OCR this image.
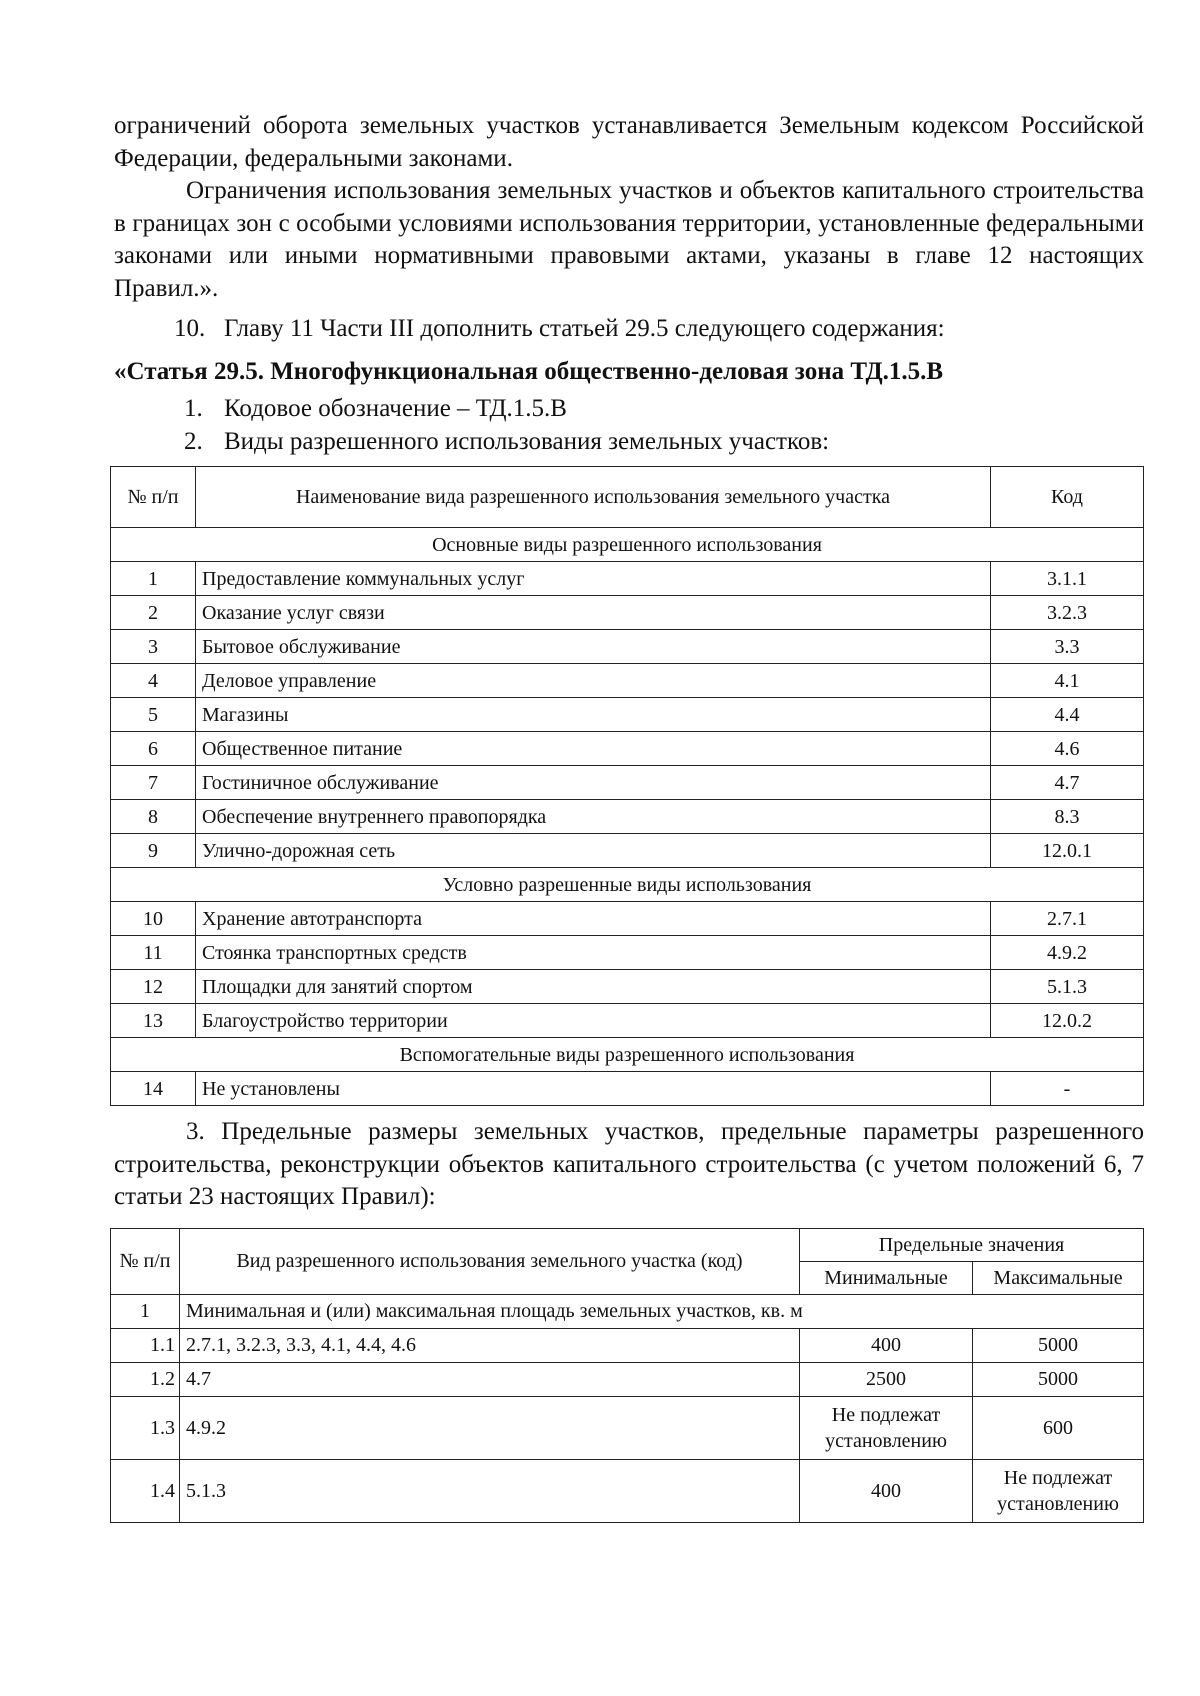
ограничений оборота земельных участков устанавливается Земельным кодексом Российской Федерации, федеральными законами.

Ограничения использования земельных участков и объектов капитального строительства в границах зон с особыми условиями использования территории, установленные федеральными законами или иными нормативными правовыми актами, указаны в главе 12 настоящих Правил.».

10. Главу 11 Части III дополнить статьей 29.5 следующего содержания:
«Статья 29.5. Многофункциональная общественно-деловая зона ТД.1.5.В
1. Кодовое обозначение – ТД.1.5.В
2. Виды разрешенного использования земельных участков:
№ п/п	Наименование вида разрешенного использования земельного участка	Код
Основные виды разрешенного использования		
1	Предоставление коммунальных услуг	3.1.1
2	Оказание услуг связи	3.2.3
3	Бытовое обслуживание	3.3
4	Деловое управление	4.1
5	Магазины	4.4
6	Общественное питание	4.6
7	Гостиничное обслуживание	4.7
8	Обеспечение внутреннего правопорядка	8.3
9	Улично-дорожная сеть	12.0.1
Условно разрешенные виды использования		
10	Хранение автотранспорта	2.7.1
11	Стоянка транспортных средств	4.9.2
12	Площадки для занятий спортом	5.1.3
13	Благоустройство территории	12.0.2
Вспомогательные виды разрешенного использования		
14	Не установлены	-

3. Предельные размеры земельных участков, предельные параметры разрешенного строительства, реконструкции объектов капитального строительства (с учетом положений 6, 7 статьи 23 настоящих Правил):

№ п/п	Вид разрешенного использования земельного участка (код)	Предельные значения	
		Минимальные	Максимальные
1	Минимальная и (или) максимальная площадь земельных участков, кв. м		
1.1	2.7.1, 3.2.3, 3.3, 4.1, 4.4, 4.6	400	5000
1.2	4.7	2500	5000
1.3	4.9.2	Не подлежат установлению	600
1.4	5.1.3	400	Не подлежат установлению
